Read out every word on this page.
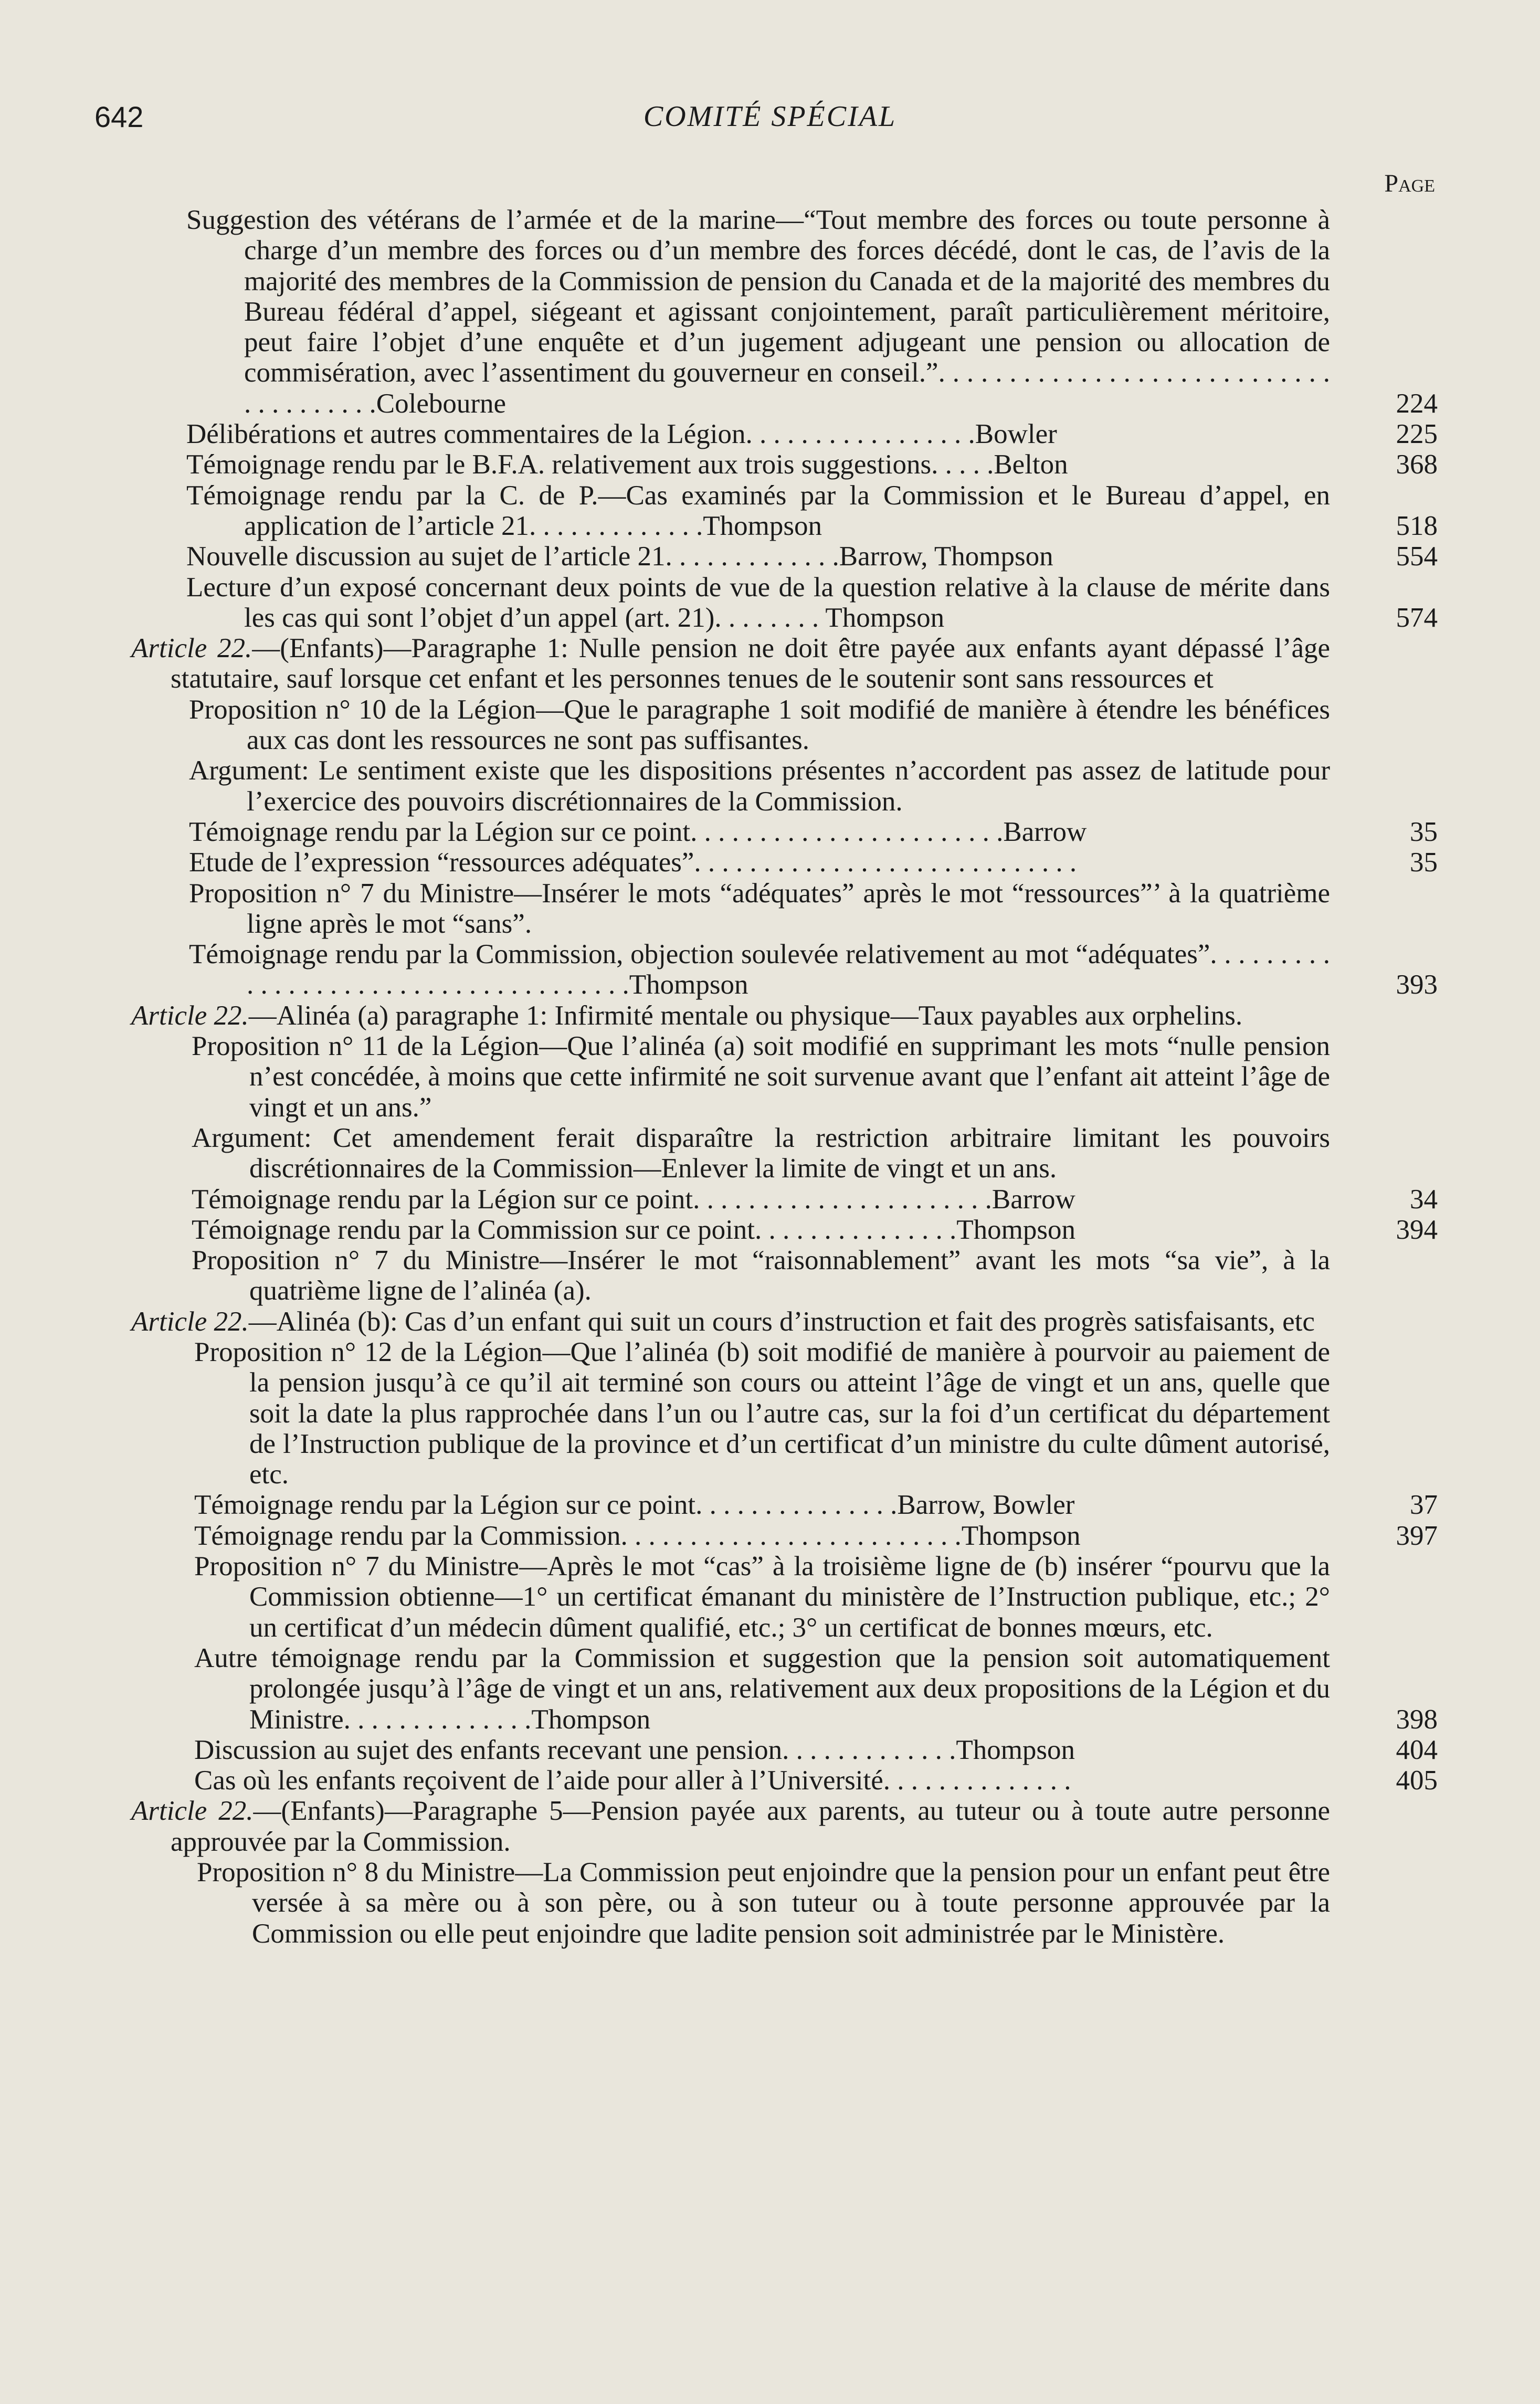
642	COMITÉ SPÉCIAL
Page
Suggestion des vétérans de l’armée et de la marine—“Tout membre des forces ou toute personne à charge d’un membre des forces ou d’un membre des forces décédé, dont le cas, de l’avis de la majorité des membres de la Commission de pension du Canada et de la majorité des membres du Bureau fédéral d’appel, siégeant et agissant conjointement, paraît particulièrement méritoire, peut faire l’objet d’une enquête et d’un jugement adjugeant une pension ou allocation de commisération, avec l’assentiment du gouverneur en conseil.”. . . . . . . . . . . . . . . . . . . . . . . . . . . . . . . . . . . . . .Colebourne	224
Délibérations et autres commentaires de la Légion. . . . . . . . . . . . . . . . .Bowler	225
Témoignage rendu par le B.F.A. relativement aux trois suggestions. . . . .Belton	368
Témoignage rendu par la C. de P.—Cas examinés par la Commission et le Bureau d’appel, en application de l’article 21. . . . . . . . . . . . .Thompson	518
Nouvelle discussion au sujet de l’article 21. . . . . . . . . . . . .Barrow, Thompson	554
Lecture d’un exposé concernant deux points de vue de la question relative à la clause de mérite dans les cas qui sont l’objet d’un appel (art. 21). . . . . . . . Thompson	574
Article 22.—(Enfants)—Paragraphe 1: Nulle pension ne doit être payée aux enfants ayant dépassé l’âge statutaire, sauf lorsque cet enfant et les personnes tenues de le soutenir sont sans ressources et
Proposition n° 10 de la Légion—Que le paragraphe 1 soit modifié de manière à étendre les bénéfices aux cas dont les ressources ne sont pas suffisantes.
Argument: Le sentiment existe que les dispositions présentes n’accordent pas assez de latitude pour l’exercice des pouvoirs discrétionnaires de la Commission.
Témoignage rendu par la Légion sur ce point. . . . . . . . . . . . . . . . . . . . . . .Barrow	35
Etude de l’expression “ressources adéquates”. . . . . . . . . . . . . . . . . . . . . . . . . . . .	35
Proposition n° 7 du Ministre—Insérer le mots “adéquates” après le mot “ressources”’ à la quatrième ligne après le mot “sans”.
Témoignage rendu par la Commission, objection soulevée relativement au mot “adéquates”. . . . . . . . . . . . . . . . . . . . . . . . . . . . . . . . . . . . .Thompson	393
Article 22.—Alinéa (a) paragraphe 1: Infirmité mentale ou physique—Taux payables aux orphelins.
Proposition n° 11 de la Légion—Que l’alinéa (a) soit modifié en supprimant les mots “nulle pension n’est concédée, à moins que cette infirmité ne soit survenue avant que l’enfant ait atteint l’âge de vingt et un ans.”
Argument: Cet amendement ferait disparaître la restriction arbitraire limitant les pouvoirs discrétionnaires de la Commission—Enlever la limite de vingt et un ans.
Témoignage rendu par la Légion sur ce point. . . . . . . . . . . . . . . . . . . . . .Barrow	34
Témoignage rendu par la Commission sur ce point. . . . . . . . . . . . . . .Thompson	394
Proposition n° 7 du Ministre—Insérer le mot “raisonnablement” avant les mots “sa vie”, à la quatrième ligne de l’alinéa (a).
Article 22.—Alinéa (b): Cas d’un enfant qui suit un cours d’instruction et fait des progrès satisfaisants, etc
Proposition n° 12 de la Légion—Que l’alinéa (b) soit modifié de manière à pourvoir au paiement de la pension jusqu’à ce qu’il ait terminé son cours ou atteint l’âge de vingt et un ans, quelle que soit la date la plus rapprochée dans l’un ou l’autre cas, sur la foi d’un certificat du département de l’Instruction publique de la province et d’un certificat d’un ministre du culte dûment autorisé, etc.
Témoignage rendu par la Légion sur ce point. . . . . . . . . . . . . . .Barrow, Bowler	37
Témoignage rendu par la Commission. . . . . . . . . . . . . . . . . . . . . . . . .Thompson	397
Proposition n° 7 du Ministre—Après le mot “cas” à la troisième ligne de (b) insérer “pourvu que la Commission obtienne—1° un certificat émanant du ministère de l’Instruction publique, etc.; 2° un certificat d’un médecin dûment qualifié, etc.; 3° un certificat de bonnes mœurs, etc.
Autre témoignage rendu par la Commission et suggestion que la pension soit automatiquement prolongée jusqu’à l’âge de vingt et un ans, relativement aux deux propositions de la Légion et du Ministre. . . . . . . . . . . . . .Thompson	398
Discussion au sujet des enfants recevant une pension. . . . . . . . . . . . .Thompson	404
Cas où les enfants reçoivent de l’aide pour aller à l’Université. . . . . . . . . . . . . .	405
Article 22.—(Enfants)—Paragraphe 5—Pension payée aux parents, au tuteur ou à toute autre personne approuvée par la Commission.
Proposition n° 8 du Ministre—La Commission peut enjoindre que la pension pour un enfant peut être versée à sa mère ou à son père, ou à son tuteur ou à toute personne approuvée par la Commission ou elle peut enjoindre que ladite pension soit administrée par le Ministère.
